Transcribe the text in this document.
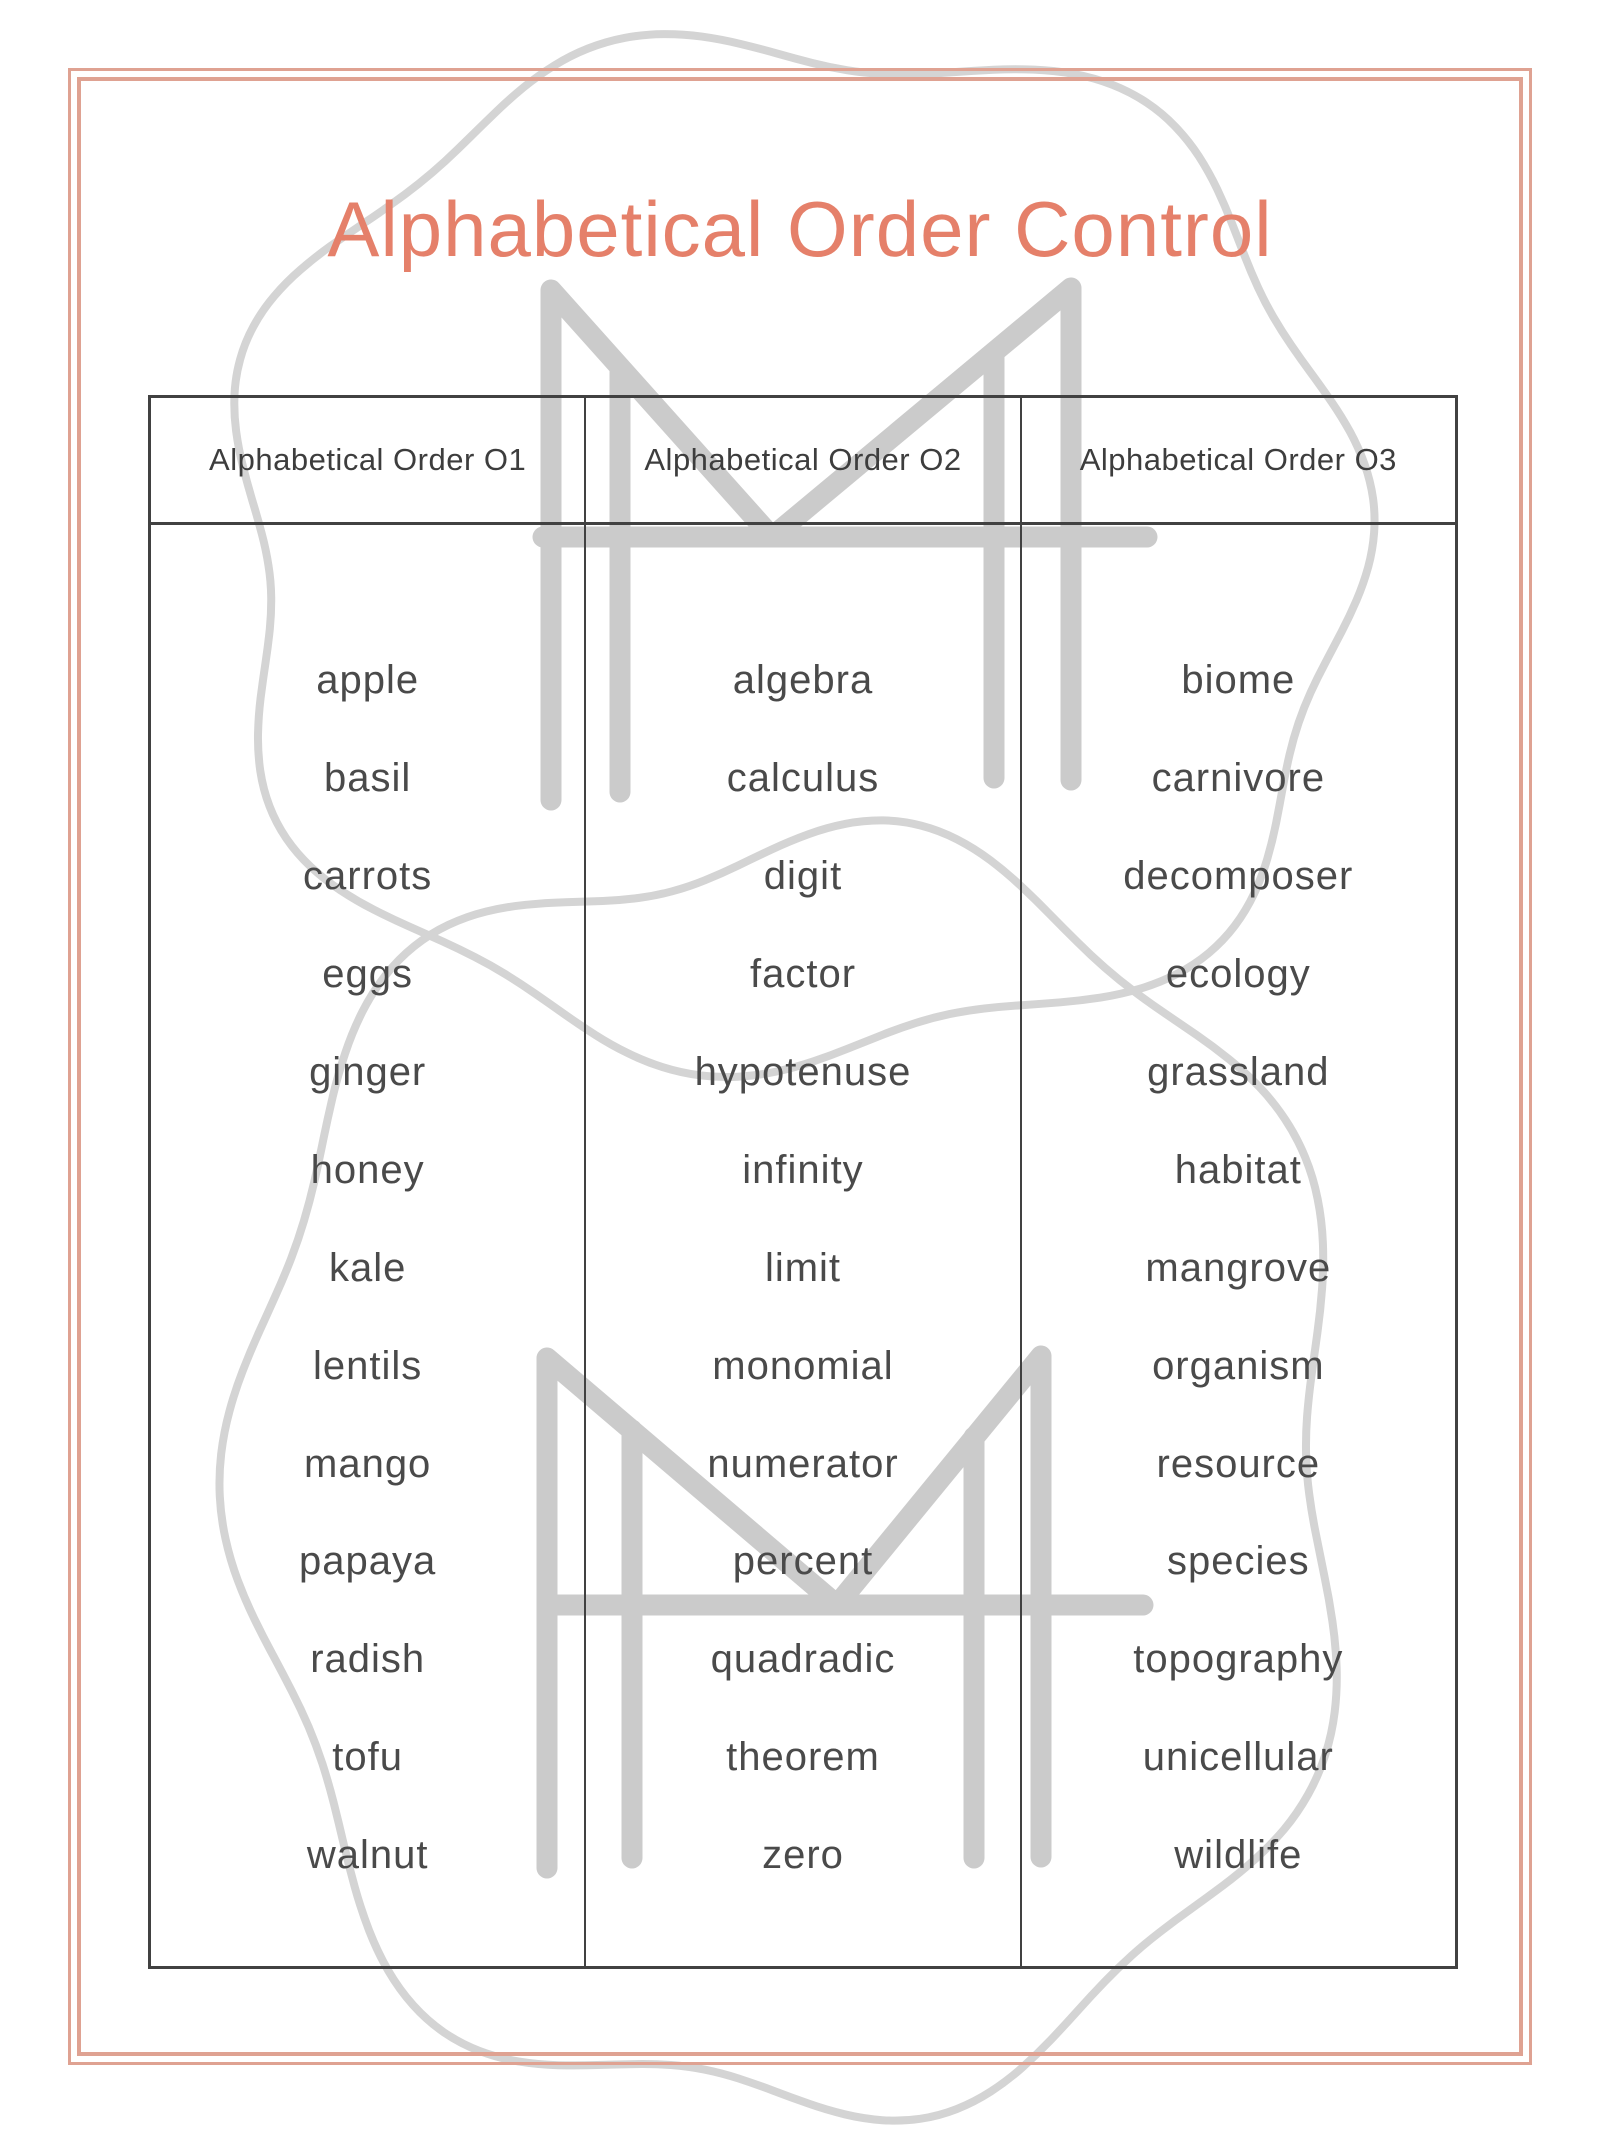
Alphabetical Order Control
Alphabetical Order O1	Alphabetical Order O2	Alphabetical Order O3
apple
basil
carrots
eggs
ginger
honey
kale
lentils
mango
papaya
radish
tofu
walnut
algebra
calculus
digit
factor
hypotenuse
infinity
limit
monomial
numerator
percent
quadradic
theorem
zero
biome
carnivore
decomposer
ecology
grassland
habitat
mangrove
organism
resource
species
topography
unicellular
wildlife
